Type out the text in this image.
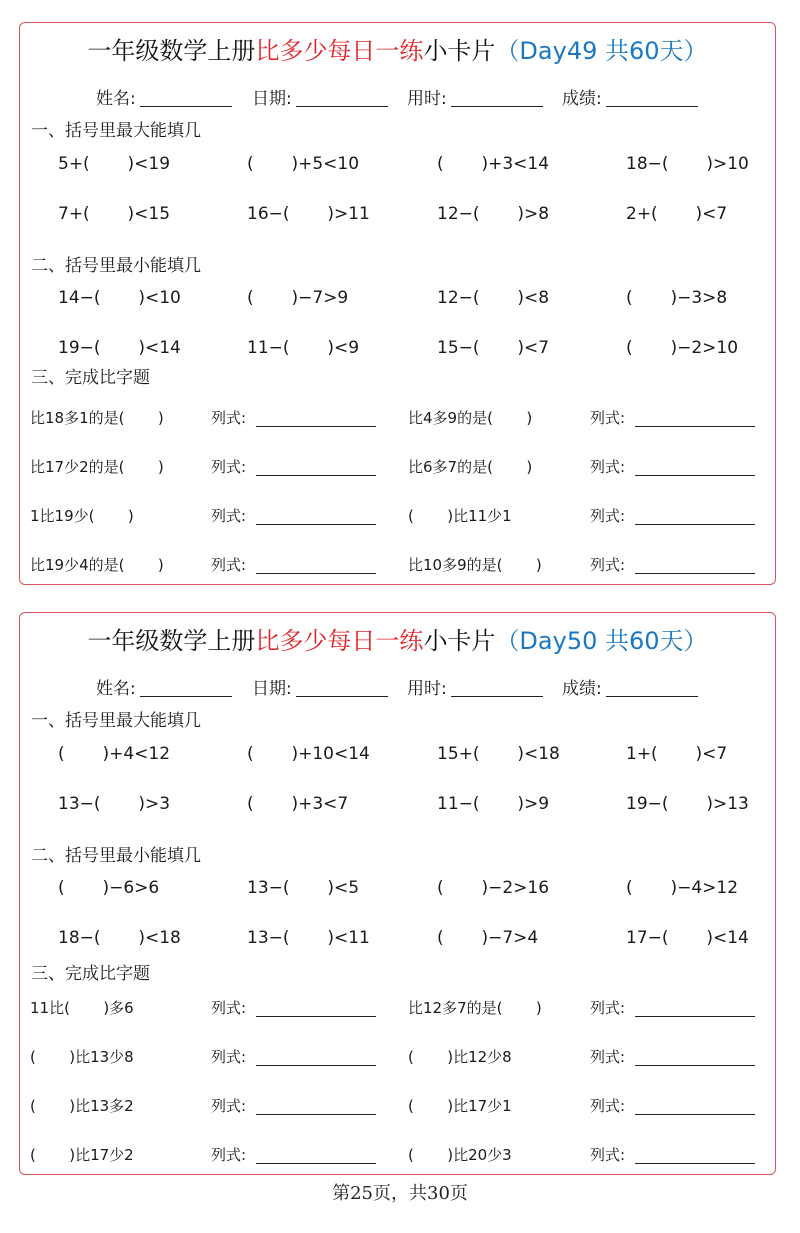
一年级数学上册比多少每日一练小卡片（Day49 共60天）
姓名:	日期:	用时:	成绩:
一、括号里最大能填几
5+(       )<19	(       )+5<10	(       )+3<14	18−(       )>10
7+(       )<15	16−(       )>11	12−(       )>8	2+(       )<7
二、括号里最小能填几
14−(       )<10	(       )−7>9	12−(       )<8	(       )−3>8
19−(       )<14	11−(       )<9	15−(       )<7	(       )−2>10
三、完成比字题
比18多1的是(       )	列式:	比4多9的是(       )	列式:
比17少2的是(       )	列式:	比6多7的是(       )	列式:
1比19少(       )	列式:	(       )比11少1	列式:
比19少4的是(       )	列式:	比10多9的是(       )	列式:
一年级数学上册比多少每日一练小卡片（Day50 共60天）
姓名:	日期:	用时:	成绩:
一、括号里最大能填几
(       )+4<12	(       )+10<14	15+(       )<18	1+(       )<7
13−(       )>3	(       )+3<7	11−(       )>9	19−(       )>13
二、括号里最小能填几
(       )−6>6	13−(       )<5	(       )−2>16	(       )−4>12
18−(       )<18	13−(       )<11	(       )−7>4	17−(       )<14
三、完成比字题
11比(       )多6	列式:	比12多7的是(       )	列式:
(       )比13少8	列式:	(       )比12少8	列式:
(       )比13多2	列式:	(       )比17少1	列式:
(       )比17少2	列式:	(       )比20少3	列式:
第25页，共30页
